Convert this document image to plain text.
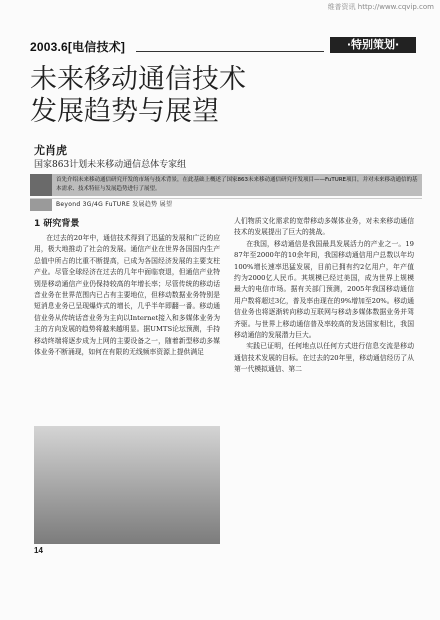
维普资讯 http://www.cqvip.com
2003.6[电信技术]	·特别策划·
未来移动通信技术
发展趋势与展望
尤肖虎
国家863计划未来移动通信总体专家组
首先介绍未来移动通信研究开发的市场与技术背景，在此基础上概述了国家863未来移动通信研究开发项目——FuTURE项目，并对未来移动通信的基本需求、技术特征与发展趋势进行了展望。
Beyond 3G/4G FuTURE 发展趋势 展望
1 研究背景

在过去的20年中，通信技术得到了迅猛的发展和广泛的应用，极大地推动了社会的发展。通信产业在世界各国国内生产总值中所占的比重不断提高，已成为各国经济发展的主要支柱产业。尽管全球经济在过去的几年中面临衰退，但通信产业特别是移动通信产业仍保持较高的年增长率；尽管传统的移动话音业务在世界范围内已占有主要地位，但移动数据业务特别是短消息业务已呈现爆炸式的增长，几乎半年即翻一番。移动通信业务从传统话音业务为主向以Internet接入和多媒体业务为主的方向发展的趋势将越来越明显。据UMTS论坛预测，手持移动终端将逐步成为上网的主要设备之一，随着新型移动多媒体业务不断涌现，如何在有限的无线频率资源上提供满足

人们物质文化需求的宽带移动多媒体业务，对未来移动通信技术的发展提出了巨大的挑战。

在我国，移动通信是我国最具发展活力的产业之一。1987年至2000年的10余年间，我国移动通信用户总数以年均100%增长速率迅猛发展，目前已拥有约2亿用户，年产值约为2000亿人民币。其规模已经过美国，成为世界上规模最大的电信市场。据有关部门预测，2005年我国移动通信用户数将超过3亿，普及率由现在的9%增加至20%。移动通信业务也将逐渐转向移动互联网与移动多媒体数据业务并驾齐驱。与世界上移动通信普及率较高的发达国家相比，我国移动通信的发展潜力巨大。

实践已证明，任何地点以任何方式进行信息交流是移动通信技术发展的目标。在过去的20年里，移动通信经历了从第一代模拟通信、第二

14
